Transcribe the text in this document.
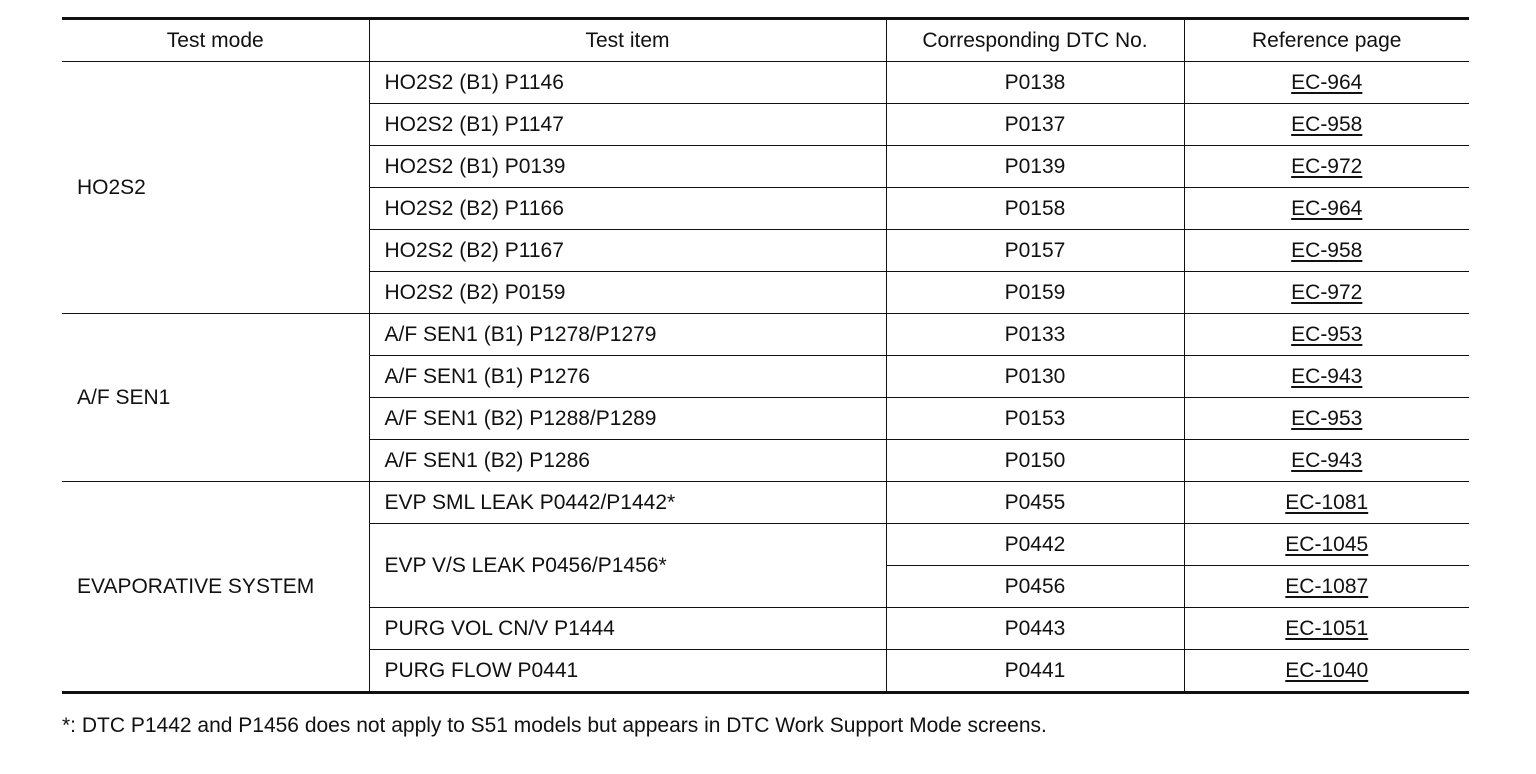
Test mode	Test item	Corresponding DTC No.	Reference page
HO2S2	HO2S2 (B1) P1146	P0138	EC-964
	HO2S2 (B1) P1147	P0137	EC-958
	HO2S2 (B1) P0139	P0139	EC-972
	HO2S2 (B2) P1166	P0158	EC-964
	HO2S2 (B2) P1167	P0157	EC-958
	HO2S2 (B2) P0159	P0159	EC-972
A/F SEN1	A/F SEN1 (B1) P1278/P1279	P0133	EC-953
	A/F SEN1 (B1) P1276	P0130	EC-943
	A/F SEN1 (B2) P1288/P1289	P0153	EC-953
	A/F SEN1 (B2) P1286	P0150	EC-943
EVAPORATIVE SYSTEM	EVP SML LEAK P0442/P1442*	P0455	EC-1081
	EVP V/S LEAK P0456/P1456*	P0442	EC-1045
		P0456	EC-1087
	PURG VOL CN/V P1444	P0443	EC-1051
	PURG FLOW P0441	P0441	EC-1040
*: DTC P1442 and P1456 does not apply to S51 models but appears in DTC Work Support Mode screens.
